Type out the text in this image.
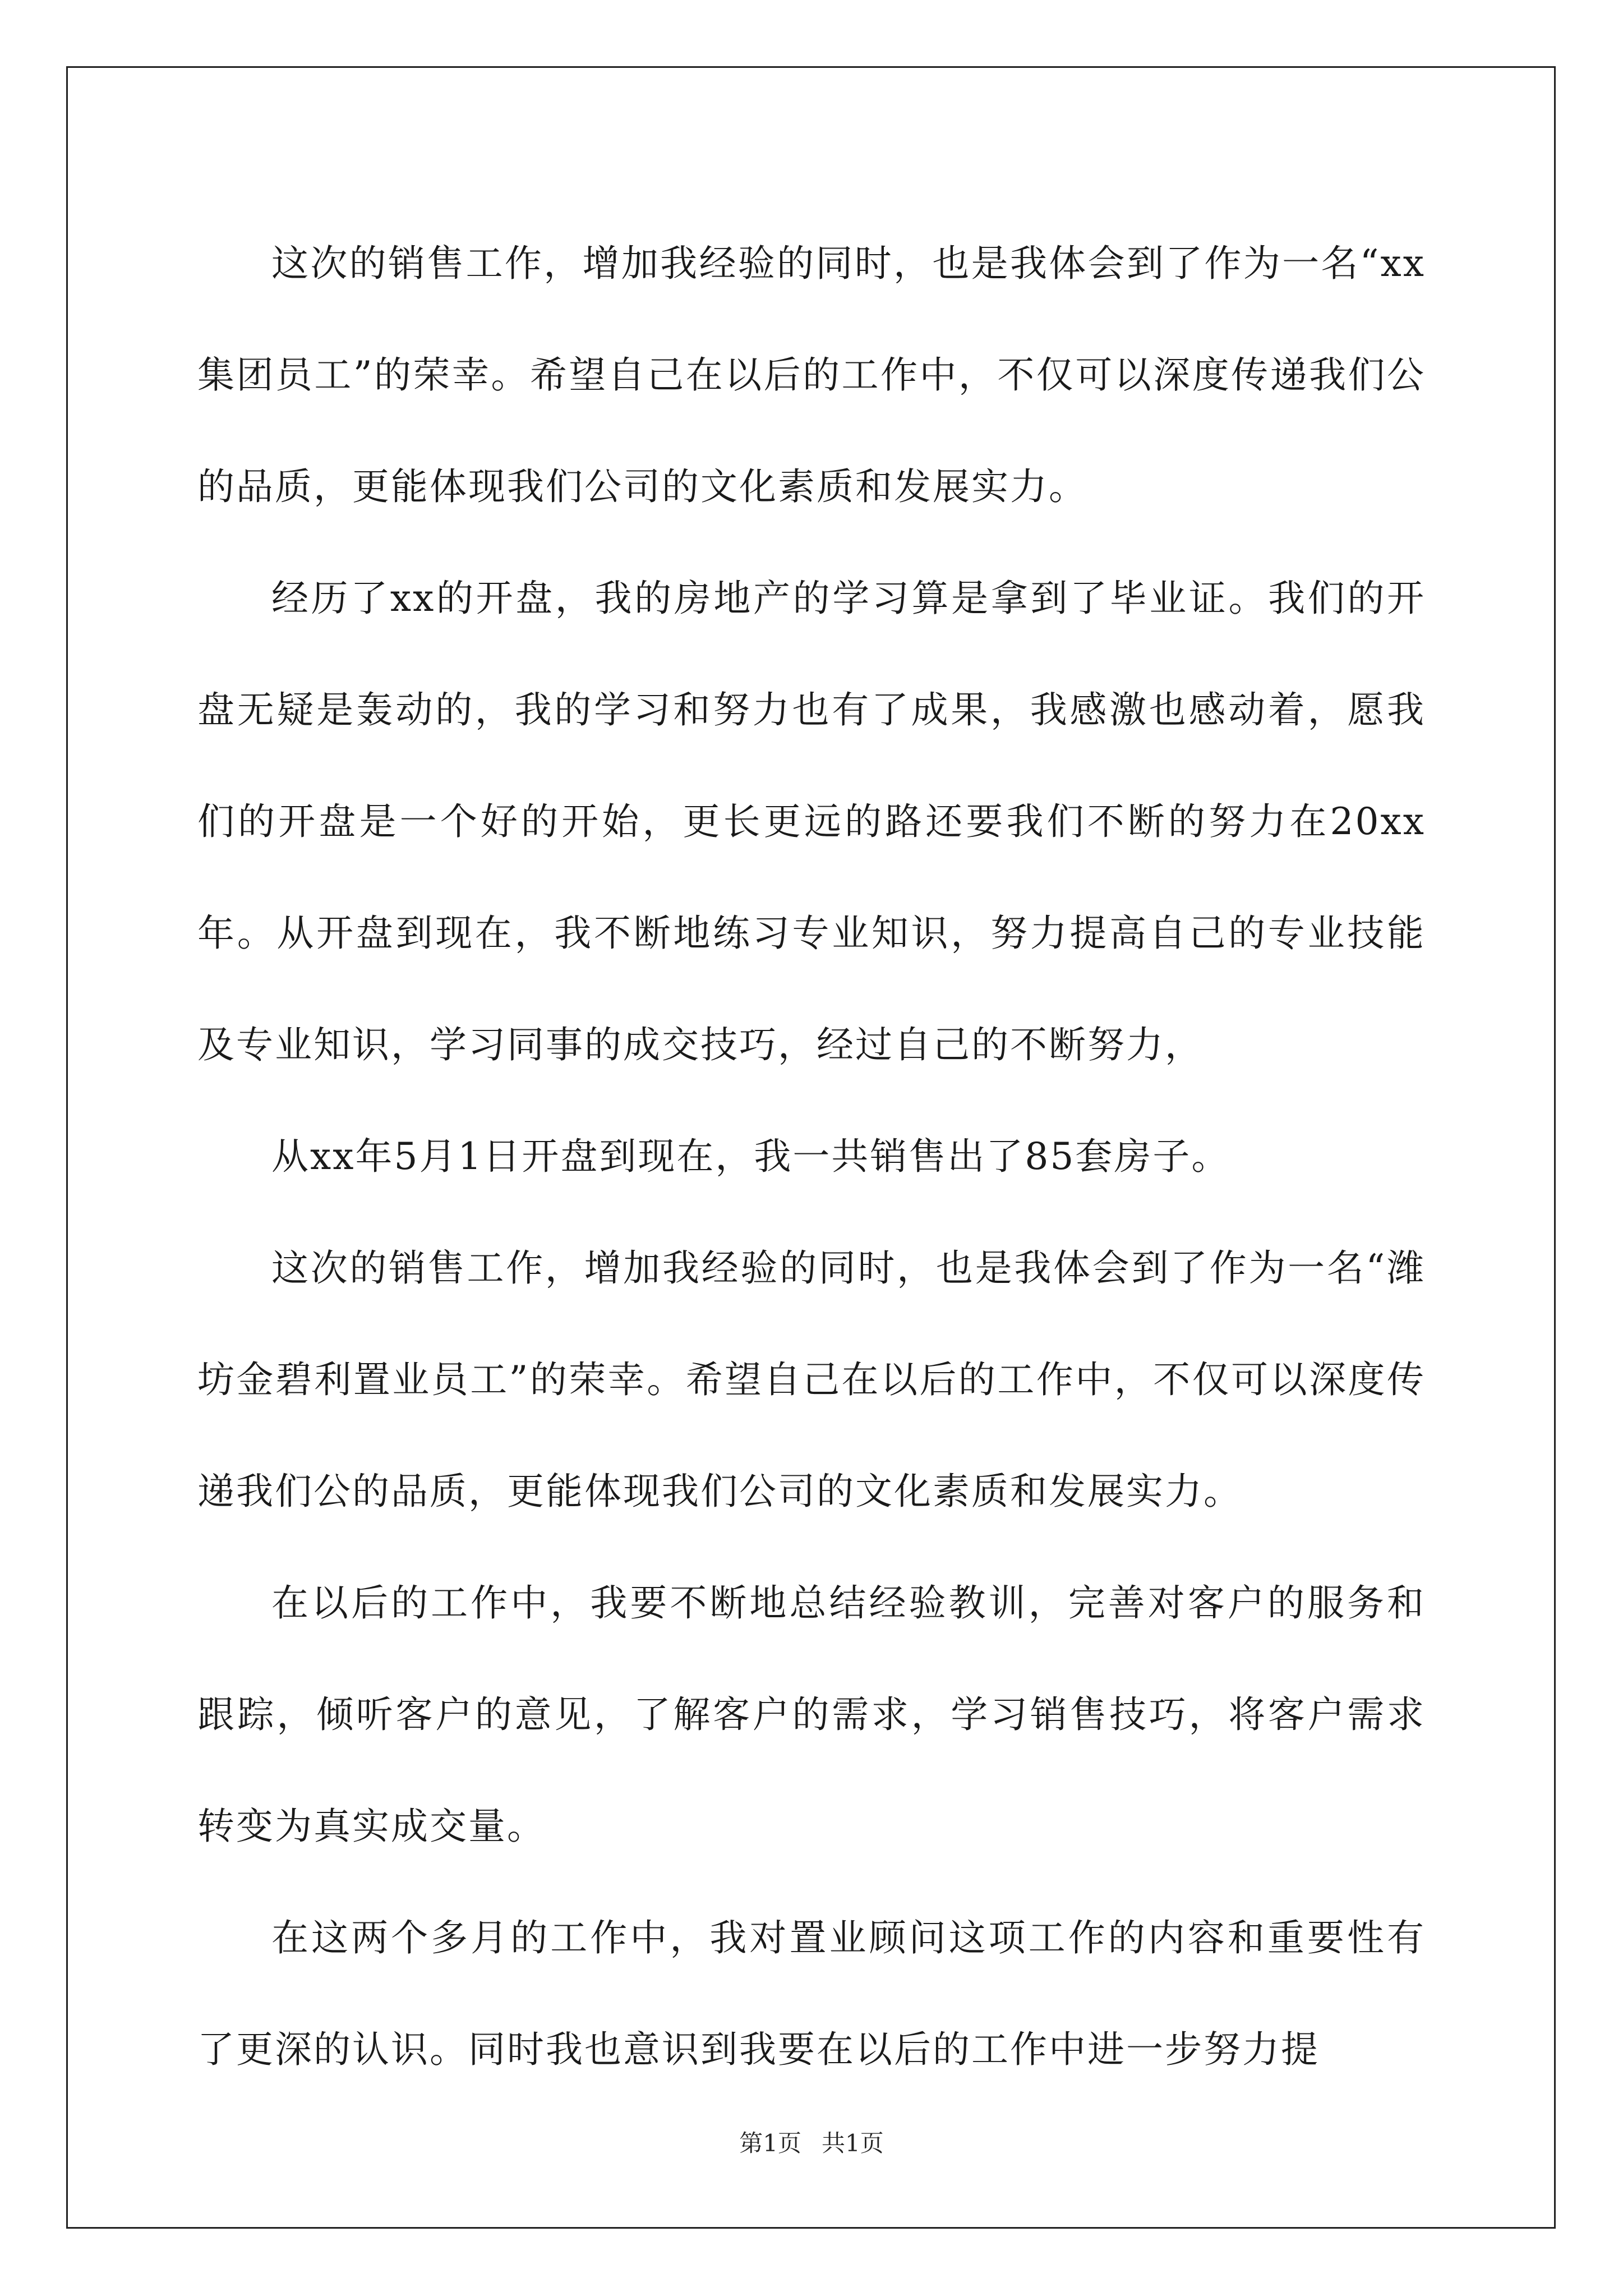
这次的销售工作，增加我经验的同时，也是我体会到了作为一名“xx集团员工”的荣幸。希望自己在以后的工作中，不仅可以深度传递我们公的品质，更能体现我们公司的文化素质和发展实力。

经历了xx的开盘，我的房地产的学习算是拿到了毕业证。我们的开盘无疑是轰动的，我的学习和努力也有了成果，我感激也感动着，愿我们的开盘是一个好的开始，更长更远的路还要我们不断的努力在20xx年。从开盘到现在，我不断地练习专业知识，努力提高自己的专业技能及专业知识，学习同事的成交技巧，经过自己的不断努力，

从xx年5月1日开盘到现在，我一共销售出了85套房子。

这次的销售工作，增加我经验的同时，也是我体会到了作为一名“潍坊金碧利置业员工”的荣幸。希望自己在以后的工作中，不仅可以深度传递我们公的品质，更能体现我们公司的文化素质和发展实力。

在以后的工作中，我要不断地总结经验教训，完善对客户的服务和跟踪，倾听客户的意见，了解客户的需求，学习销售技巧，将客户需求转变为真实成交量。

在这两个多月的工作中，我对置业顾问这项工作的内容和重要性有了更深的认识。同时我也意识到我要在以后的工作中进一步努力提

第1页 共1页
